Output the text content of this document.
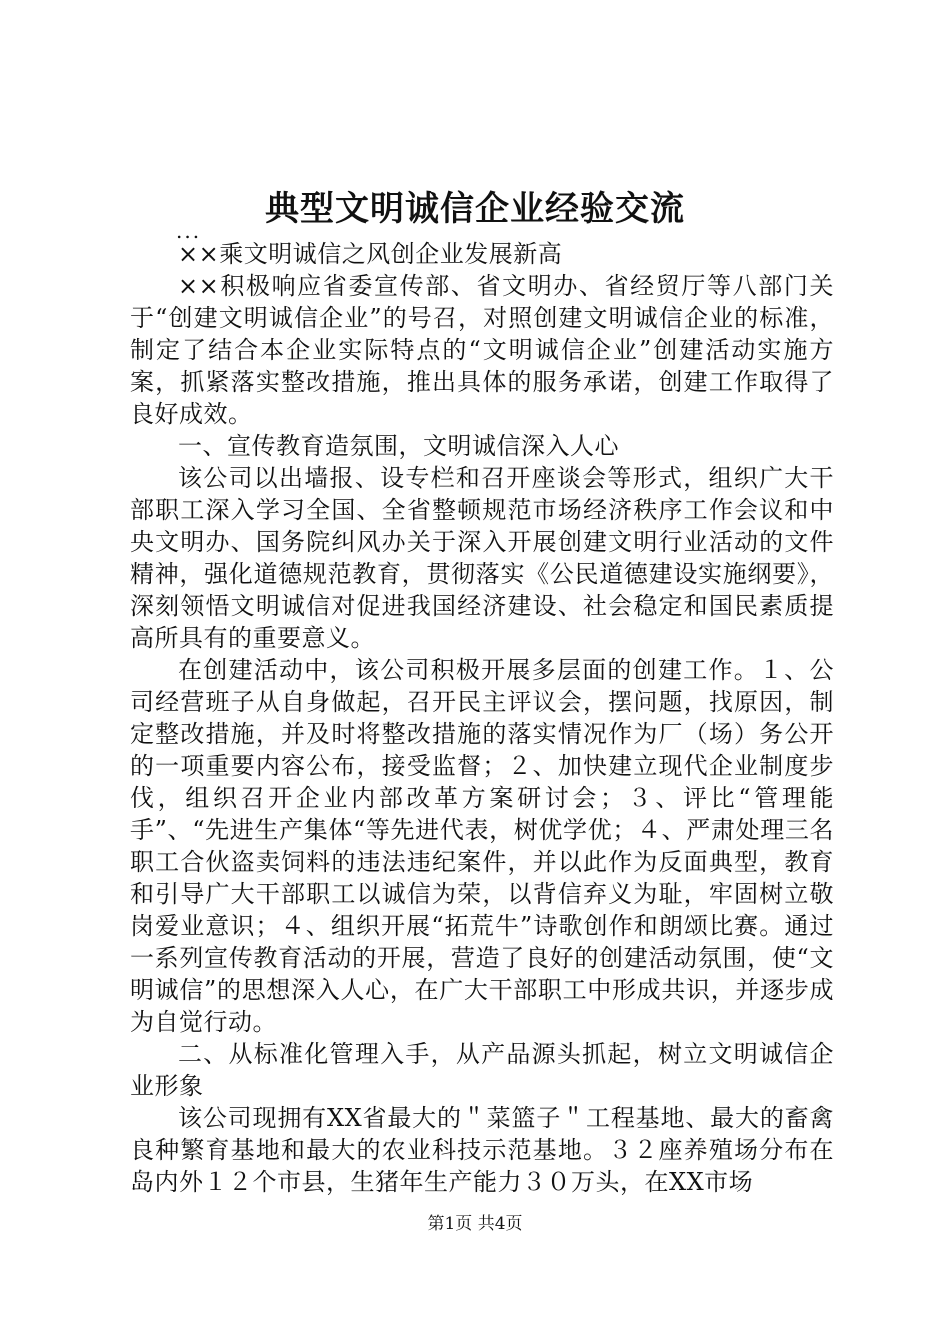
典型文明诚信企业经验交流
...

××乘文明诚信之风创企业发展新高

××积极响应省委宣传部、省文明办、省经贸厅等八部门关于“创建文明诚信企业”的号召，对照创建文明诚信企业的标准，制定了结合本企业实际特点的“文明诚信企业”创建活动实施方案，抓紧落实整改措施，推出具体的服务承诺，创建工作取得了良好成效。

一、宣传教育造氛围，文明诚信深入人心

该公司以出墙报、设专栏和召开座谈会等形式，组织广大干部职工深入学习全国、全省整顿规范市场经济秩序工作会议和中央文明办、国务院纠风办关于深入开展创建文明行业活动的文件精神，强化道德规范教育，贯彻落实《公民道德建设实施纲要》，深刻领悟文明诚信对促进我国经济建设、社会稳定和国民素质提高所具有的重要意义。

在创建活动中，该公司积极开展多层面的创建工作。１、公司经营班子从自身做起，召开民主评议会，摆问题，找原因，制定整改措施，并及时将整改措施的落实情况作为厂（场）务公开的一项重要内容公布，接受监督；２、加快建立现代企业制度步伐，组织召开企业内部改革方案研讨会；３、评比“管理能手”、“先进生产集体“等先进代表，树优学优；４、严肃处理三名职工合伙盗卖饲料的违法违纪案件，并以此作为反面典型，教育和引导广大干部职工以诚信为荣，以背信弃义为耻，牢固树立敬岗爱业意识；４、组织开展“拓荒牛”诗歌创作和朗颂比赛。通过一系列宣传教育活动的开展，营造了良好的创建活动氛围，使“文明诚信”的思想深入人心，在广大干部职工中形成共识，并逐步成为自觉行动。

二、从标准化管理入手，从产品源头抓起，树立文明诚信企业形象

该公司现拥有XX省最大的＂菜篮子＂工程基地、最大的畜禽良种繁育基地和最大的农业科技示范基地。３２座养殖场分布在岛内外１２个市县，生猪年生产能力３０万头，在XX市场

第1页 共4页
